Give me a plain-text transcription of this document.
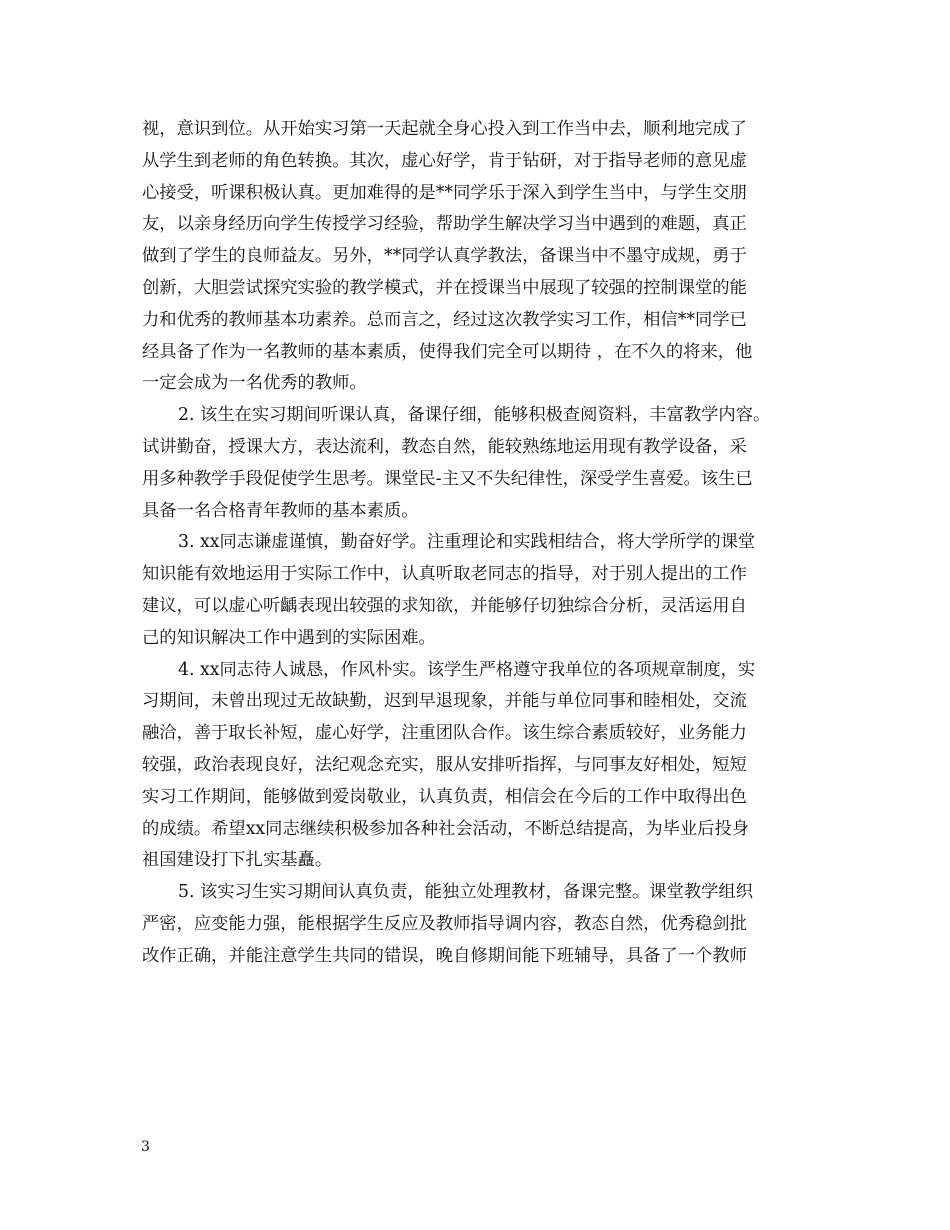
视，意识到位。从开始实习第一天起就全身心投入到工作当中去，顺利地完成了
从学生到老师的角色转换。其次，虚心好学，肯于钻研，对于指导老师的意见虚
心接受，听课积极认真。更加难得的是**同学乐于深入到学生当中，与学生交朋
友，以亲身经历向学生传授学习经验，帮助学生解决学习当中遇到的难题，真正
做到了学生的良师益友。另外，**同学认真学教法，备课当中不墨守成规，勇于
创新，大胆尝试探究实验的教学模式，并在授课当中展现了较强的控制课堂的能
力和优秀的教师基本功素养。总而言之，经过这次教学实习工作，相信**同学已
经具备了作为一名教师的基本素质，使得我们完全可以期待 ，在不久的将来，他
一定会成为一名优秀的教师。
2. 该生在实习期间听课认真，备课仔细，能够积极查阅资料，丰富教学内容。
试讲勤奋，授课大方，表达流利，教态自然，能较熟练地运用现有教学设备，采
用多种教学手段促使学生思考。课堂民-主又不失纪律性，深受学生喜爱。该生已
具备一名合格青年教师的基本素质。
3. xx同志谦虚谨慎，勤奋好学。注重理论和实践相结合，将大学所学的课堂
知识能有效地运用于实际工作中，认真听取老同志的指导，对于别人提出的工作
建议，可以虚心听齲表现出较强的求知欲，并能够仔切独综合分析，灵活运用自
己的知识解决工作中遇到的实际困难。
4. xx同志待人诚恳，作风朴实。该学生严格遵守我单位的各项规章制度，实
习期间，未曾出现过无故缺勤，迟到早退现象，并能与单位同事和睦相处，交流
融洽，善于取长补短，虚心好学，注重团队合作。该生综合素质较好，业务能力
较强，政治表现良好，法纪观念充实，服从安排听指挥，与同事友好相处，短短
实习工作期间，能够做到爱岗敬业，认真负责，相信会在今后的工作中取得出色
的成绩。希望xx同志继续积极参加各种社会活动，不断总结提高，为毕业后投身
祖国建设打下扎实基矗。
5. 该实习生实习期间认真负责，能独立处理教材，备课完整。课堂教学组织
严密，应变能力强，能根据学生反应及教师指导调内容，教态自然，优秀稳剑批
改作正确，并能注意学生共同的错误，晚自修期间能下班辅导，具备了一个教师
3
